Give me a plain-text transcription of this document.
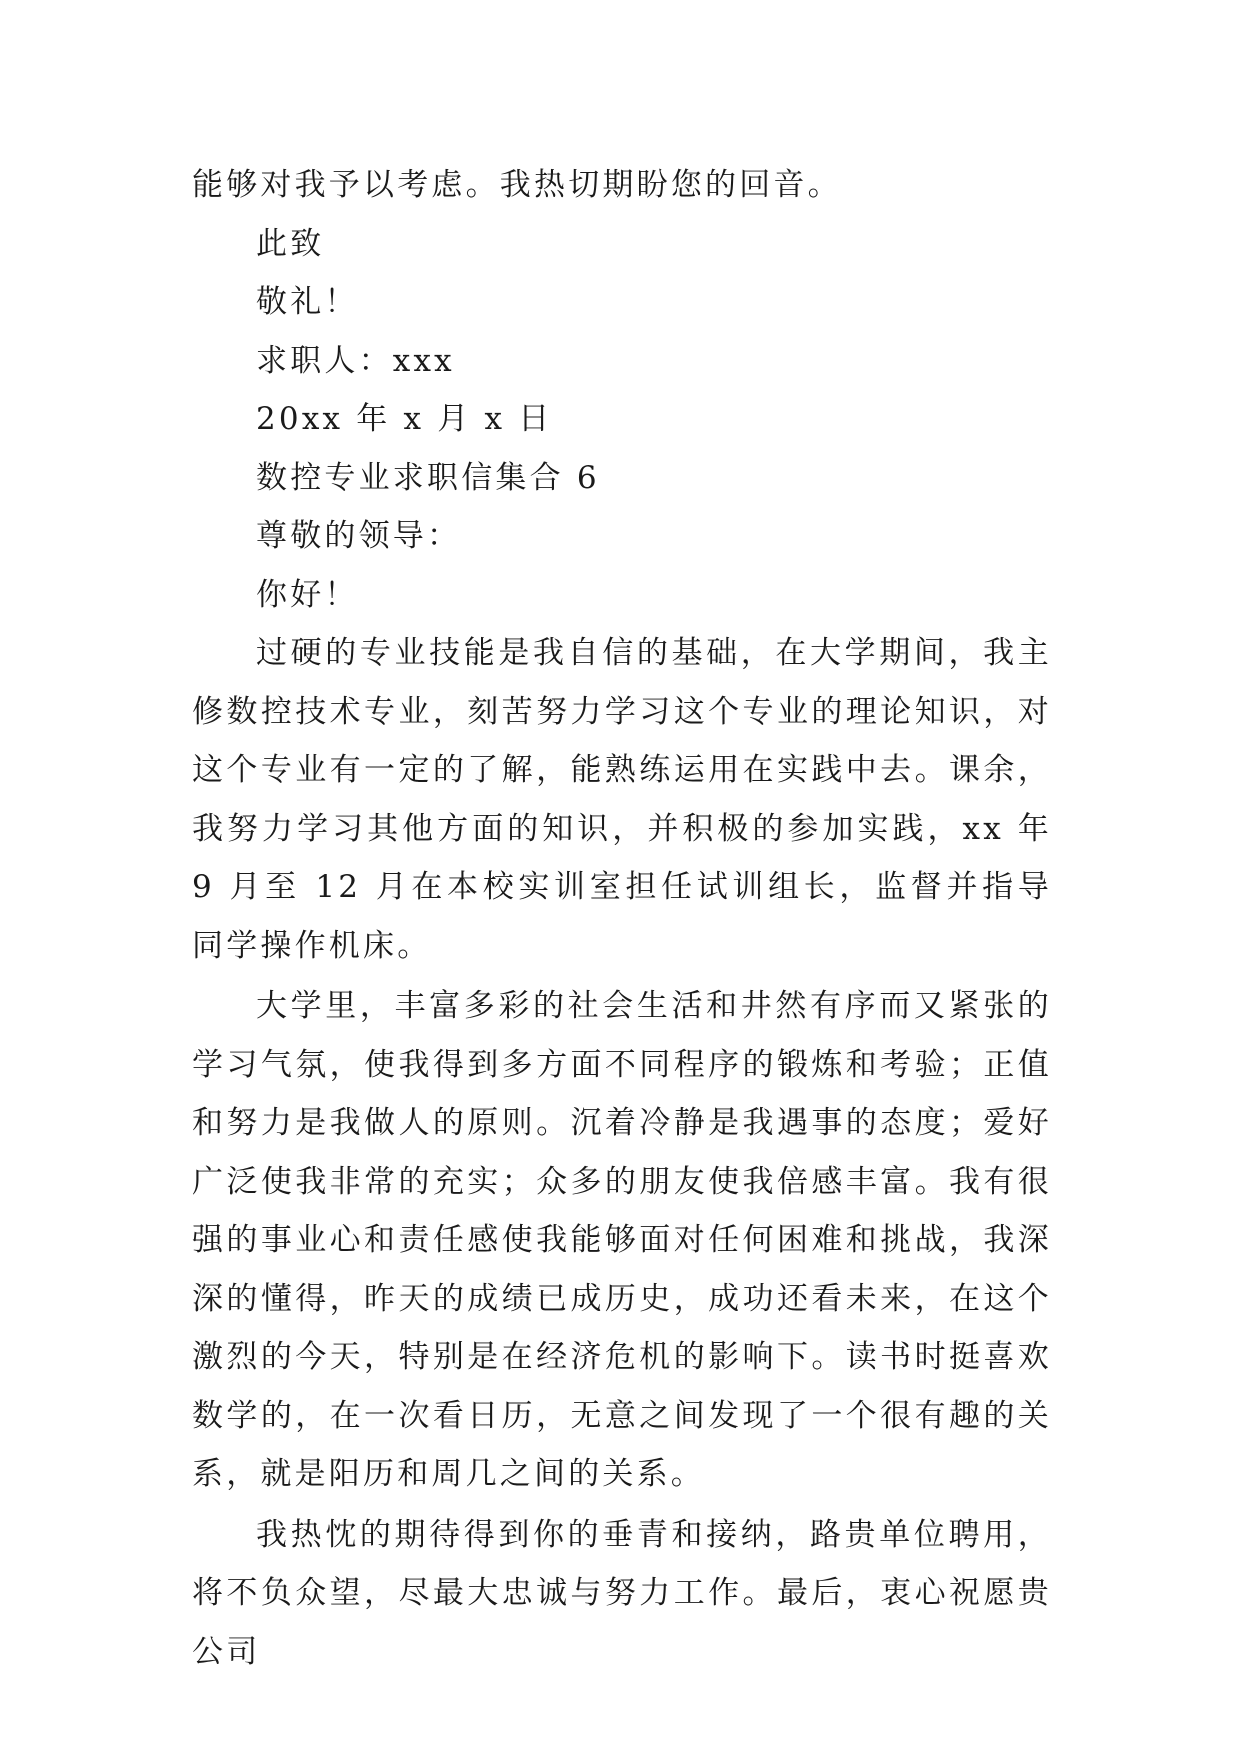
能够对我予以考虑。我热切期盼您的回音。
此致
敬礼！
求职人：xxx
20xx 年 x 月 x 日
数控专业求职信集合 6
尊敬的领导：
你好！
过硬的专业技能是我自信的基础，在大学期间，我主修数控技术专业，刻苦努力学习这个专业的理论知识，对这个专业有一定的了解，能熟练运用在实践中去。课余，我努力学习其他方面的知识，并积极的参加实践，xx 年 9 月至 12 月在本校实训室担任试训组长，监督并指导同学操作机床。
大学里，丰富多彩的社会生活和井然有序而又紧张的学习气氛，使我得到多方面不同程序的锻炼和考验；正值和努力是我做人的原则。沉着冷静是我遇事的态度；爱好广泛使我非常的充实；众多的朋友使我倍感丰富。我有很强的事业心和责任感使我能够面对任何困难和挑战，我深深的懂得，昨天的成绩已成历史，成功还看未来，在这个激烈的今天，特别是在经济危机的影响下。读书时挺喜欢数学的，在一次看日历，无意之间发现了一个很有趣的关系，就是阳历和周几之间的关系。
我热忱的期待得到你的垂青和接纳，路贵单位聘用，将不负众望，尽最大忠诚与努力工作。最后，衷心祝愿贵公司
